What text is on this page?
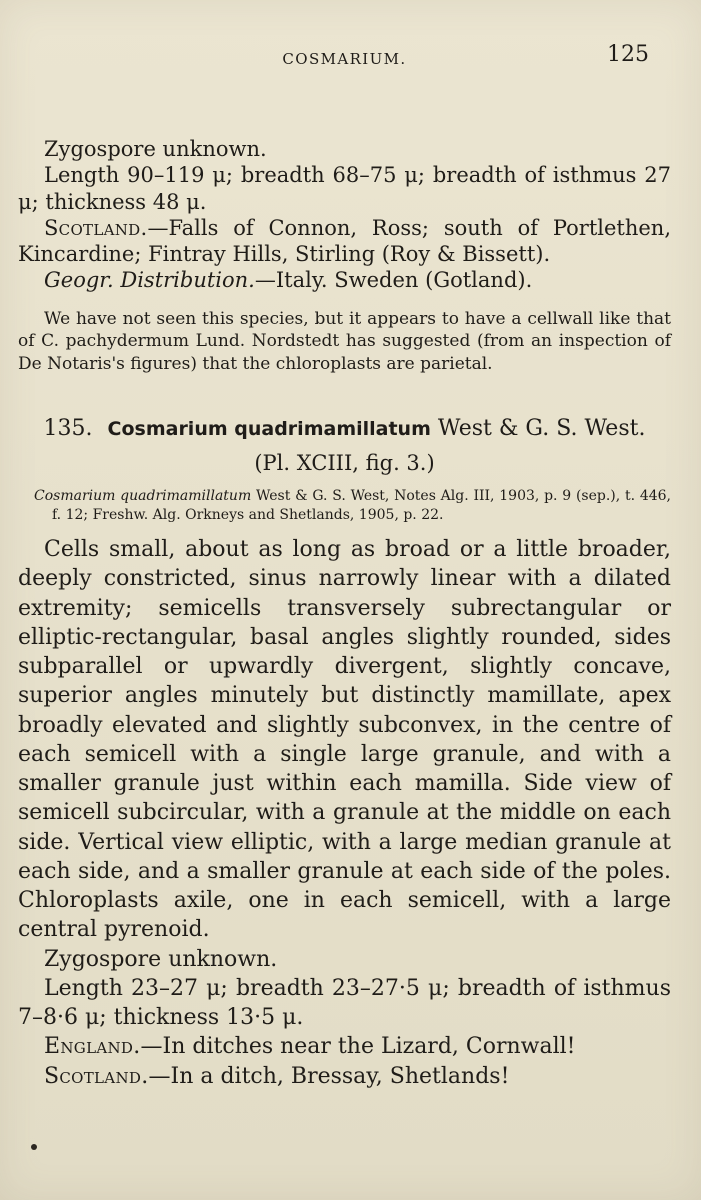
COSMARIUM.	125

Zygospore unknown.

Length 90–119 μ; breadth 68–75 μ; breadth of isthmus 27 μ; thickness 48 μ.

Scotland.—Falls of Connon, Ross; south of Portlethen, Kincardine; Fintray Hills, Stirling (Roy & Bissett).

Geogr. Distribution.—Italy. Sweden (Gotland).

We have not seen this species, but it appears to have a cellwall like that of C. pachydermum Lund. Nordstedt has suggested (from an inspection of De Notaris's figures) that the chloroplasts are parietal.

135. Cosmarium quadrimamillatum West & G. S. West.
(Pl. XCIII, fig. 3.)

Cosmarium quadrimamillatum West & G. S. West, Notes Alg. III, 1903, p. 9 (sep.), t. 446, f. 12; Freshw. Alg. Orkneys and Shetlands, 1905, p. 22.

Cells small, about as long as broad or a little broader, deeply constricted, sinus narrowly linear with a dilated extremity; semicells transversely subrectangular or elliptic-rectangular, basal angles slightly rounded, sides subparallel or upwardly divergent, slightly concave, superior angles minutely but distinctly mamillate, apex broadly elevated and slightly subconvex, in the centre of each semicell with a single large granule, and with a smaller granule just within each mamilla. Side view of semicell subcircular, with a granule at the middle on each side. Vertical view elliptic, with a large median granule at each side, and a smaller granule at each side of the poles. Chloroplasts axile, one in each semicell, with a large central pyrenoid.

Zygospore unknown.

Length 23–27 μ; breadth 23–27·5 μ; breadth of isthmus 7–8·6 μ; thickness 13·5 μ.

England.—In ditches near the Lizard, Cornwall!

Scotland.—In a ditch, Bressay, Shetlands!
